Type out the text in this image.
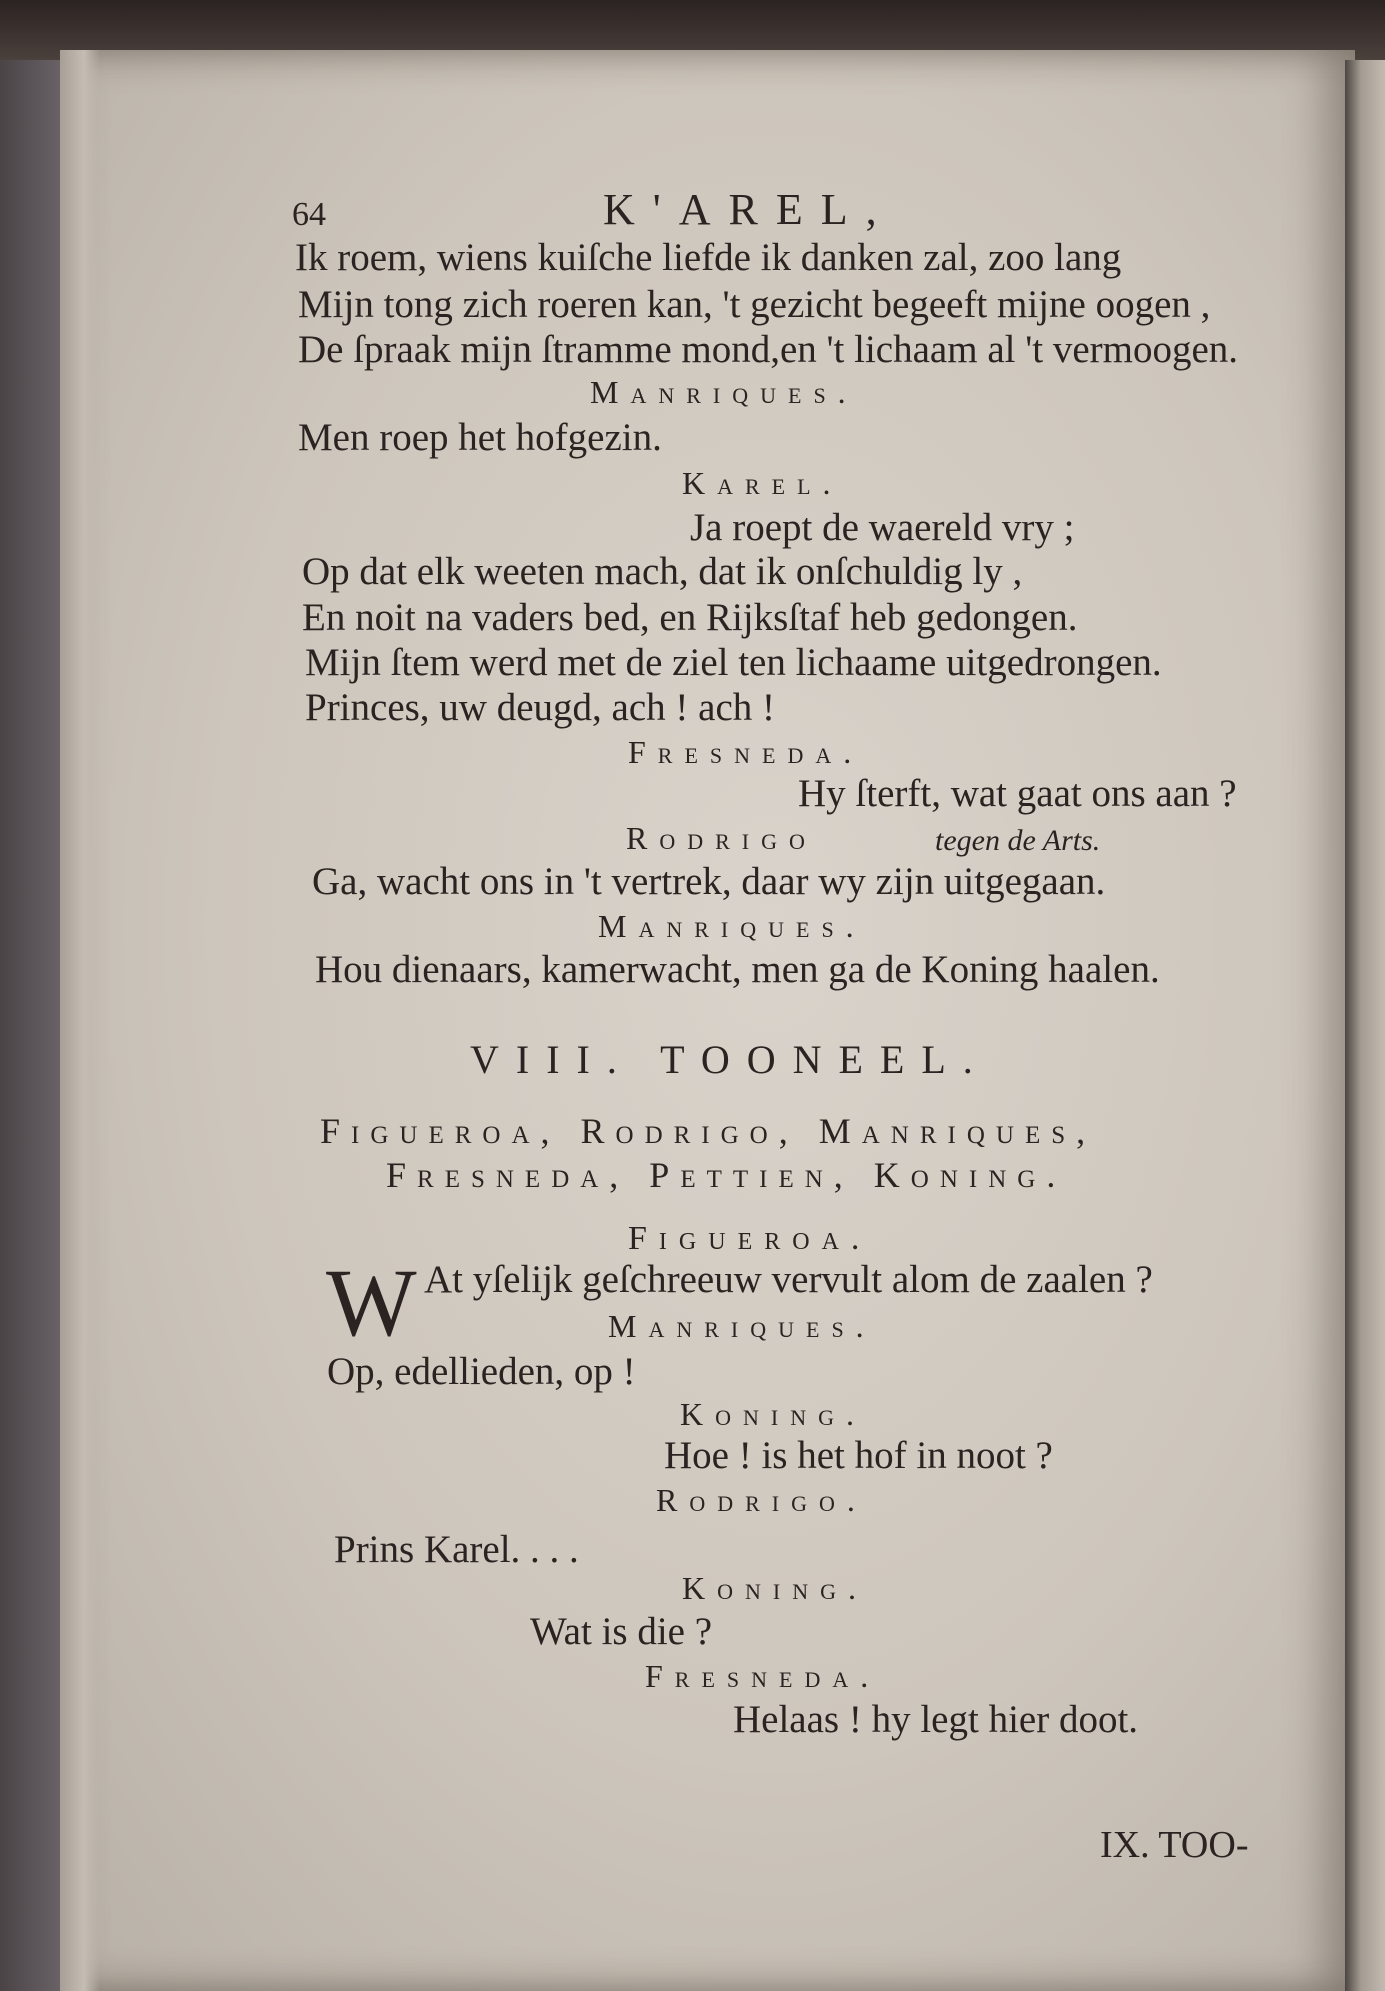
64	K'AREL,
Ik roem, wiens kuiſche liefde ik danken zal, zoo lang
Mijn tong zich roeren kan, 't gezicht begeeft mijne oogen ,
De ſpraak mijn ſtramme mond,en 't lichaam al 't vermoogen.
Manriques.
Men roep het hofgezin.
Karel.
Ja roept de waereld vry ;
Op dat elk weeten mach, dat ik onſchuldig ly ,
En noit na vaders bed, en Rijksſtaf heb gedongen.
Mijn ſtem werd met de ziel ten lichaame uitgedrongen.
Princes, uw deugd, ach ! ach !
Fresneda.
Hy ſterft, wat gaat ons aan ?
Rodrigo	tegen de Arts.
Ga, wacht ons in 't vertrek, daar wy zijn uitgegaan.
Manriques.
Hou dienaars, kamerwacht, men ga de Koning haalen.
VIII. TOONEEL.
Figueroa, Rodrigo, Manriques,
Fresneda, Pettien, Koning.
Figueroa.
W At yſelijk geſchreeuw vervult alom de zaalen ?
Manriques.
Op, edellieden, op !
Koning.
Hoe ! is het hof in noot ?
Rodrigo.
Prins Karel. . . .
Koning.
Wat is die ?
Fresneda.
Helaas ! hy legt hier doot.
IX. TOO-
